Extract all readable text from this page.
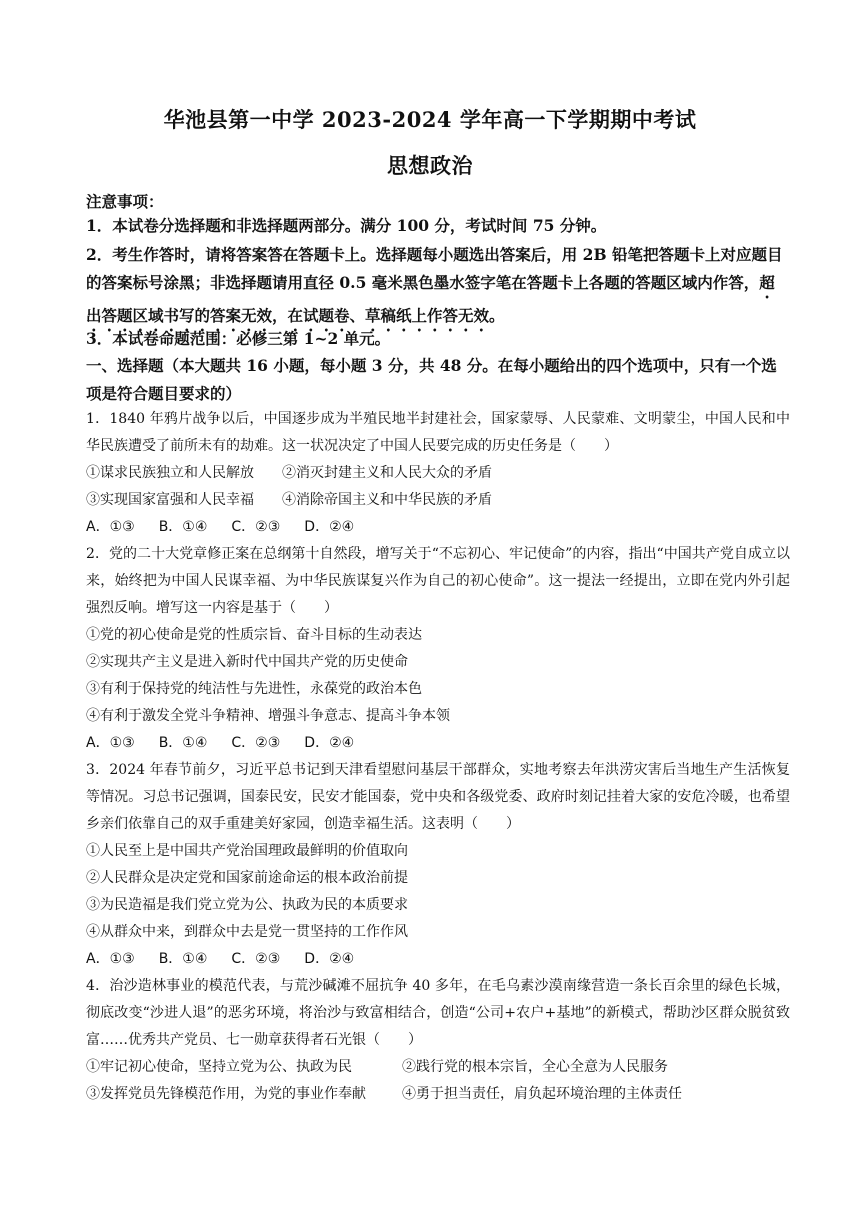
华池县第一中学 2023-2024 学年高一下学期期中考试
思想政治
注意事项：
1．本试卷分选择题和非选择题两部分。满分 100 分，考试时间 75 分钟。
2．考生作答时，请将答案答在答题卡上。选择题每小题选出答案后，用 2B 铅笔把答题卡上对应题目的答案标号涂黑；非选择题请用直径 0.5 毫米黑色墨水签字笔在答题卡上各题的答题区域内作答，超出答题区域书写的答案无效，在试题卷、草稿纸上作答无效。
3．本试卷命题范围：必修三第 1~2 单元。
一、选择题（本大题共 16 小题，每小题 3 分，共 48 分。在每小题给出的四个选项中，只有一个选项是符合题目要求的）
1．1840 年鸦片战争以后，中国逐步成为半殖民地半封建社会，国家蒙辱、人民蒙难、文明蒙尘，中国人民和中华民族遭受了前所未有的劫难。这一状况决定了中国人民要完成的历史任务是（　　）
①谋求民族独立和人民解放 ②消灭封建主义和人民大众的矛盾
③实现国家富强和人民幸福 ④消除帝国主义和中华民族的矛盾
A．①③ B．①④ C．②③ D．②④
2．党的二十大党章修正案在总纲第十自然段，增写关于“不忘初心、牢记使命”的内容，指出“中国共产党自成立以来，始终把为中国人民谋幸福、为中华民族谋复兴作为自己的初心使命”。这一提法一经提出，立即在党内外引起强烈反响。增写这一内容是基于（　　）
①党的初心使命是党的性质宗旨、奋斗目标的生动表达
②实现共产主义是进入新时代中国共产党的历史使命
③有利于保持党的纯洁性与先进性，永葆党的政治本色
④有利于激发全党斗争精神、增强斗争意志、提高斗争本领
A．①③ B．①④ C．②③ D．②④
3．2024 年春节前夕，习近平总书记到天津看望慰问基层干部群众，实地考察去年洪涝灾害后当地生产生活恢复等情况。习总书记强调，国泰民安，民安才能国泰，党中央和各级党委、政府时刻记挂着大家的安危冷暖，也希望乡亲们依靠自己的双手重建美好家园，创造幸福生活。这表明（　　）
①人民至上是中国共产党治国理政最鲜明的价值取向
②人民群众是决定党和国家前途命运的根本政治前提
③为民造福是我们党立党为公、执政为民的本质要求
④从群众中来，到群众中去是党一贯坚持的工作作风
A．①③ B．①④ C．②③ D．②④
4．治沙造林事业的模范代表，与荒沙碱滩不屈抗争 40 多年，在毛乌素沙漠南缘营造一条长百余里的绿色长城，彻底改变“沙进人退”的恶劣环境，将治沙与致富相结合，创造“公司+农户+基地”的新模式，帮助沙区群众脱贫致富……优秀共产党员、七一勋章获得者石光银（　　）
①牢记初心使命，坚持立党为公、执政为民	②践行党的根本宗旨，全心全意为人民服务
③发挥党员先锋模范作用，为党的事业作奉献	④勇于担当责任，肩负起环境治理的主体责任
